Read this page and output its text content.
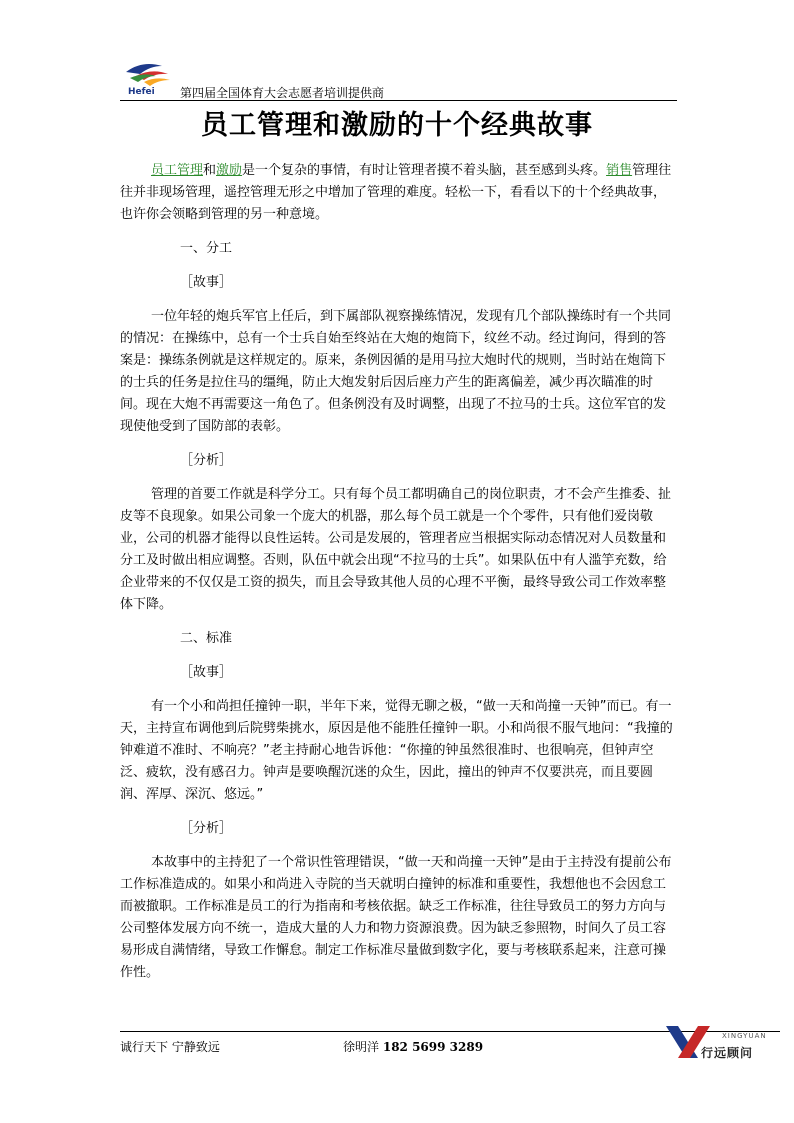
Hefei 第四届全国体育大会志愿者培训提供商
员工管理和激励的十个经典故事

员工管理和激励是一个复杂的事情，有时让管理者摸不着头脑，甚至感到头疼。销售管理往往并非现场管理，遥控管理无形之中增加了管理的难度。轻松一下，看看以下的十个经典故事，也许你会领略到管理的另一种意境。

一、分工

［故事］

一位年轻的炮兵军官上任后，到下属部队视察操练情况，发现有几个部队操练时有一个共同的情况：在操练中，总有一个士兵自始至终站在大炮的炮筒下，纹丝不动。经过询问，得到的答案是：操练条例就是这样规定的。原来，条例因循的是用马拉大炮时代的规则，当时站在炮筒下的士兵的任务是拉住马的缰绳，防止大炮发射后因后座力产生的距离偏差，减少再次瞄准的时间。现在大炮不再需要这一角色了。但条例没有及时调整，出现了不拉马的士兵。这位军官的发现使他受到了国防部的表彰。

［分析］

管理的首要工作就是科学分工。只有每个员工都明确自己的岗位职责，才不会产生推委、扯皮等不良现象。如果公司象一个庞大的机器，那么每个员工就是一个个零件，只有他们爱岗敬业，公司的机器才能得以良性运转。公司是发展的，管理者应当根据实际动态情况对人员数量和分工及时做出相应调整。否则，队伍中就会出现“不拉马的士兵”。如果队伍中有人滥竽充数，给企业带来的不仅仅是工资的损失，而且会导致其他人员的心理不平衡，最终导致公司工作效率整体下降。

二、标准

［故事］

有一个小和尚担任撞钟一职，半年下来，觉得无聊之极，“做一天和尚撞一天钟”而已。有一天，主持宣布调他到后院劈柴挑水，原因是他不能胜任撞钟一职。小和尚很不服气地问：“我撞的钟难道不准时、不响亮？”老主持耐心地告诉他：“你撞的钟虽然很准时、也很响亮，但钟声空泛、疲软，没有感召力。钟声是要唤醒沉迷的众生，因此，撞出的钟声不仅要洪亮，而且要圆润、浑厚、深沉、悠远。”

［分析］

本故事中的主持犯了一个常识性管理错误，“做一天和尚撞一天钟”是由于主持没有提前公布工作标准造成的。如果小和尚进入寺院的当天就明白撞钟的标准和重要性，我想他也不会因怠工而被撤职。工作标准是员工的行为指南和考核依据。缺乏工作标准，往往导致员工的努力方向与公司整体发展方向不统一，造成大量的人力和物力资源浪费。因为缺乏参照物，时间久了员工容易形成自满情绪，导致工作懈怠。制定工作标准尽量做到数字化，要与考核联系起来，注意可操作性。

诚行天下 宁静致远	徐明洋 182 5699 3289
XINGYUAN
行远顾问
